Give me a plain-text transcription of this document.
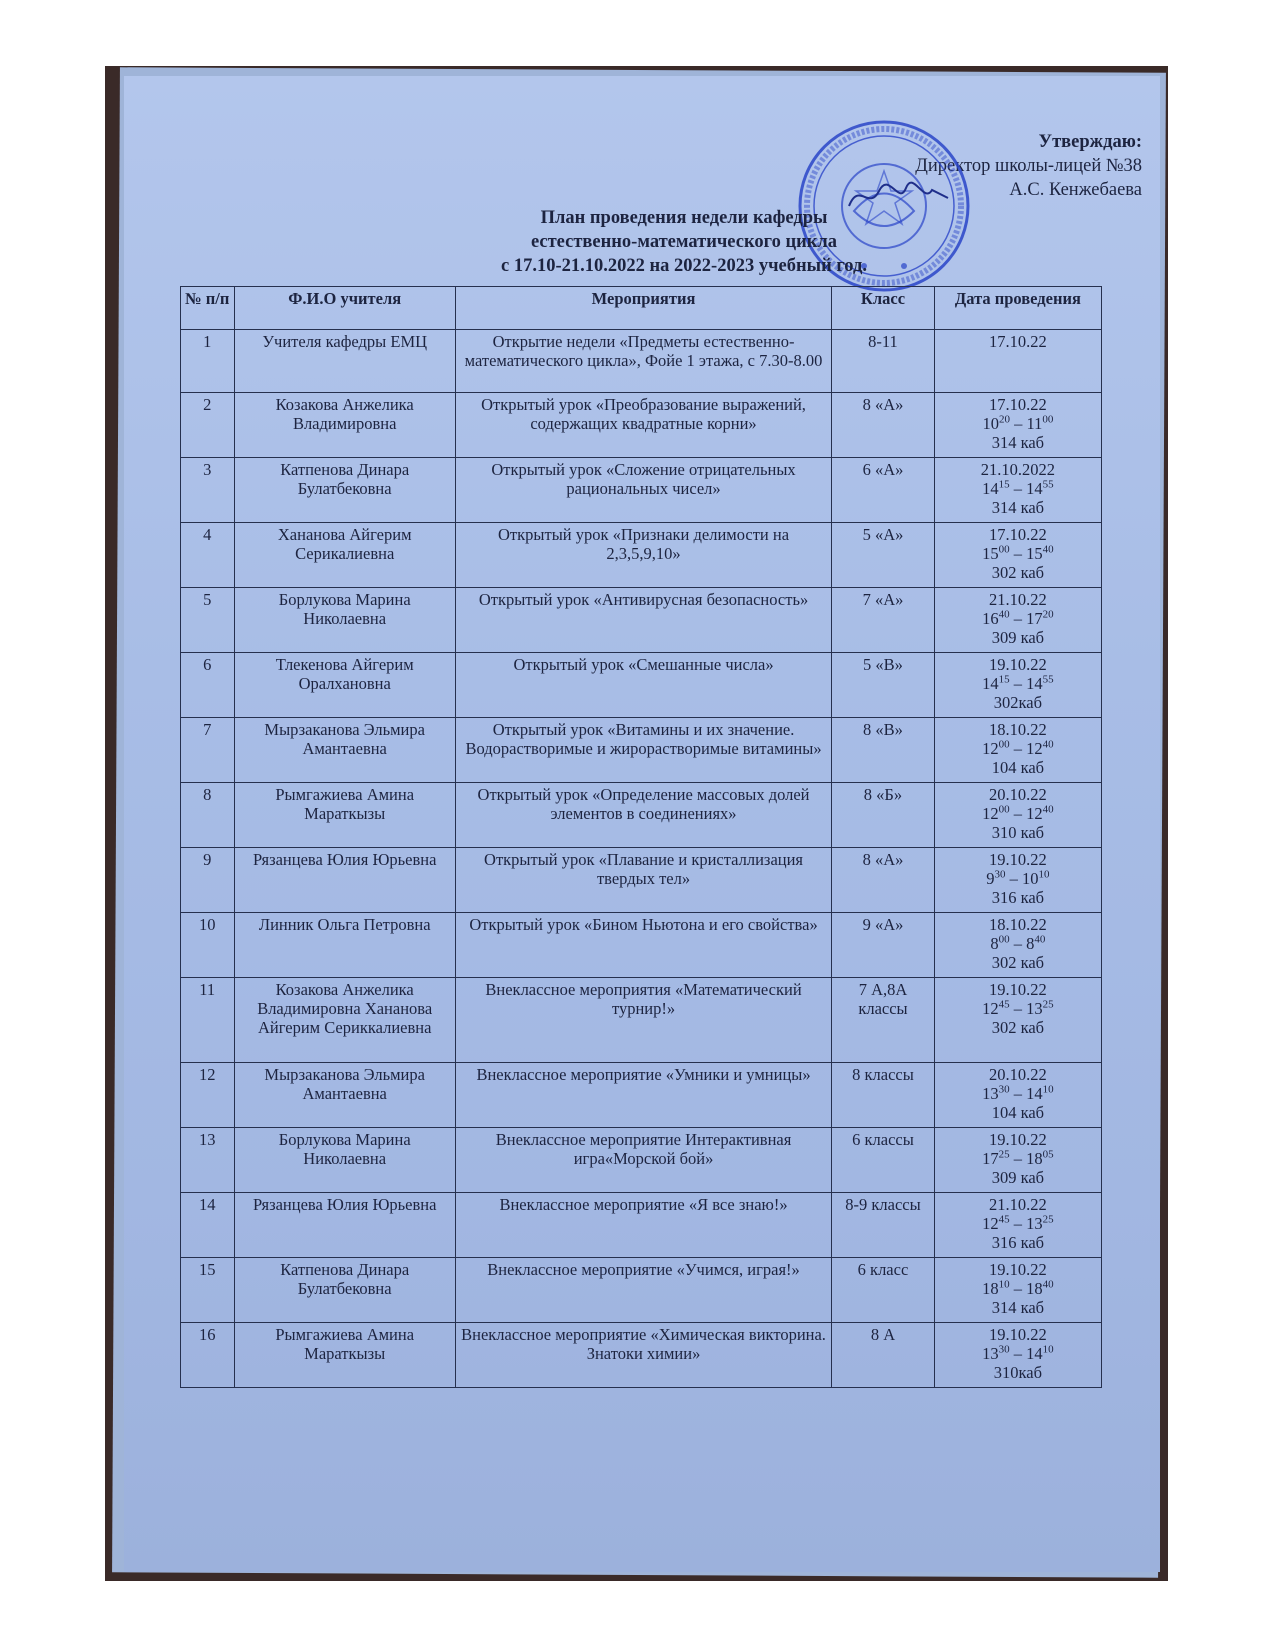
Утверждаю:
Директор школы-лицей №38
А.С. Кенжебаева
План проведения недели кафедры
естественно-математического цикла
с 17.10-21.10.2022 на 2022-2023 учебный год.
№ п/п	Ф.И.О учителя	Мероприятия	Класс	Дата проведения
1	Учителя кафедры ЕМЦ	Открытие недели «Предметы естественно-математического цикла», Фойе 1 этажа, с 7.30-8.00	8-11	17.10.22

2	Козакова Анжелика Владимировна	Открытый урок «Преобразование выражений, содержащих квадратные корни»	8 «А»	17.10.22
$10^{20} - 11^{00}$
314 каб

3	Катпенова Динара Булатбековна	Открытый урок «Сложение отрицательных рациональных чисел»	6 «А»	21.10.2022
$14^{15} - 14^{55}$
314 каб

4	Хананова Айгерим Серикалиевна	Открытый урок «Признаки делимости на 2,3,5,9,10»	5 «А»	17.10.22
$15^{00} - 15^{40}$
302 каб

5	Борлукова Марина Николаевна	Открытый урок «Антивирусная безопасность»	7 «А»	21.10.22
$16^{40} - 17^{20}$
309 каб

6	Тлекенова Айгерим Оралхановна	Открытый урок «Смешанные числа»	5 «В»	19.10.22
$14^{15} - 14^{55}$
302каб

7	Мырзаканова Эльмира Амантаевна	Открытый урок «Витамины и их значение. Водорастворимые и жирорастворимые витамины»	8 «В»	18.10.22
$12^{00} - 12^{40}$
104 каб

8	Рымгажиева Амина Мараткызы	Открытый урок «Определение массовых долей элементов в соединениях»	8 «Б»	20.10.22
$12^{00} - 12^{40}$
310 каб

9	Рязанцева Юлия Юрьевна	Открытый урок «Плавание и кристаллизация твердых тел»	8 «А»	19.10.22
$9^{30} - 10^{10}$
316 каб

10	Линник Ольга Петровна	Открытый урок «Бином Ньютона и его свойства»	9 «А»	18.10.22
$8^{00} - 8^{40}$
302 каб

11	Козакова Анжелика Владимировна Хананова Айгерим Сериккалиевна	Внеклассное мероприятия «Математический турнир!»	7 А,8А классы	19.10.22
$12^{45} - 13^{25}$
302 каб

12	Мырзаканова Эльмира Амантаевна	Внеклассное мероприятие «Умники и умницы»	8 классы	20.10.22
$13^{30} - 14^{10}$
104 каб

13	Борлукова Марина Николаевна	Внеклассное мероприятие Интерактивная игра«Морской бой»	6 классы	19.10.22
$17^{25} - 18^{05}$
309 каб

14	Рязанцева Юлия Юрьевна	Внеклассное мероприятие «Я все знаю!»	8-9 классы	21.10.22
$12^{45} - 13^{25}$
316 каб

15	Катпенова Динара Булатбековна	Внеклассное мероприятие «Учимся, играя!»	6 класс	19.10.22
$18^{10} - 18^{40}$
314 каб

16	Рымгажиева Амина Мараткызы	Внеклассное мероприятие «Химическая викторина. Знатоки химии»	8 А	19.10.22
$13^{30} - 14^{10}$
310каб
